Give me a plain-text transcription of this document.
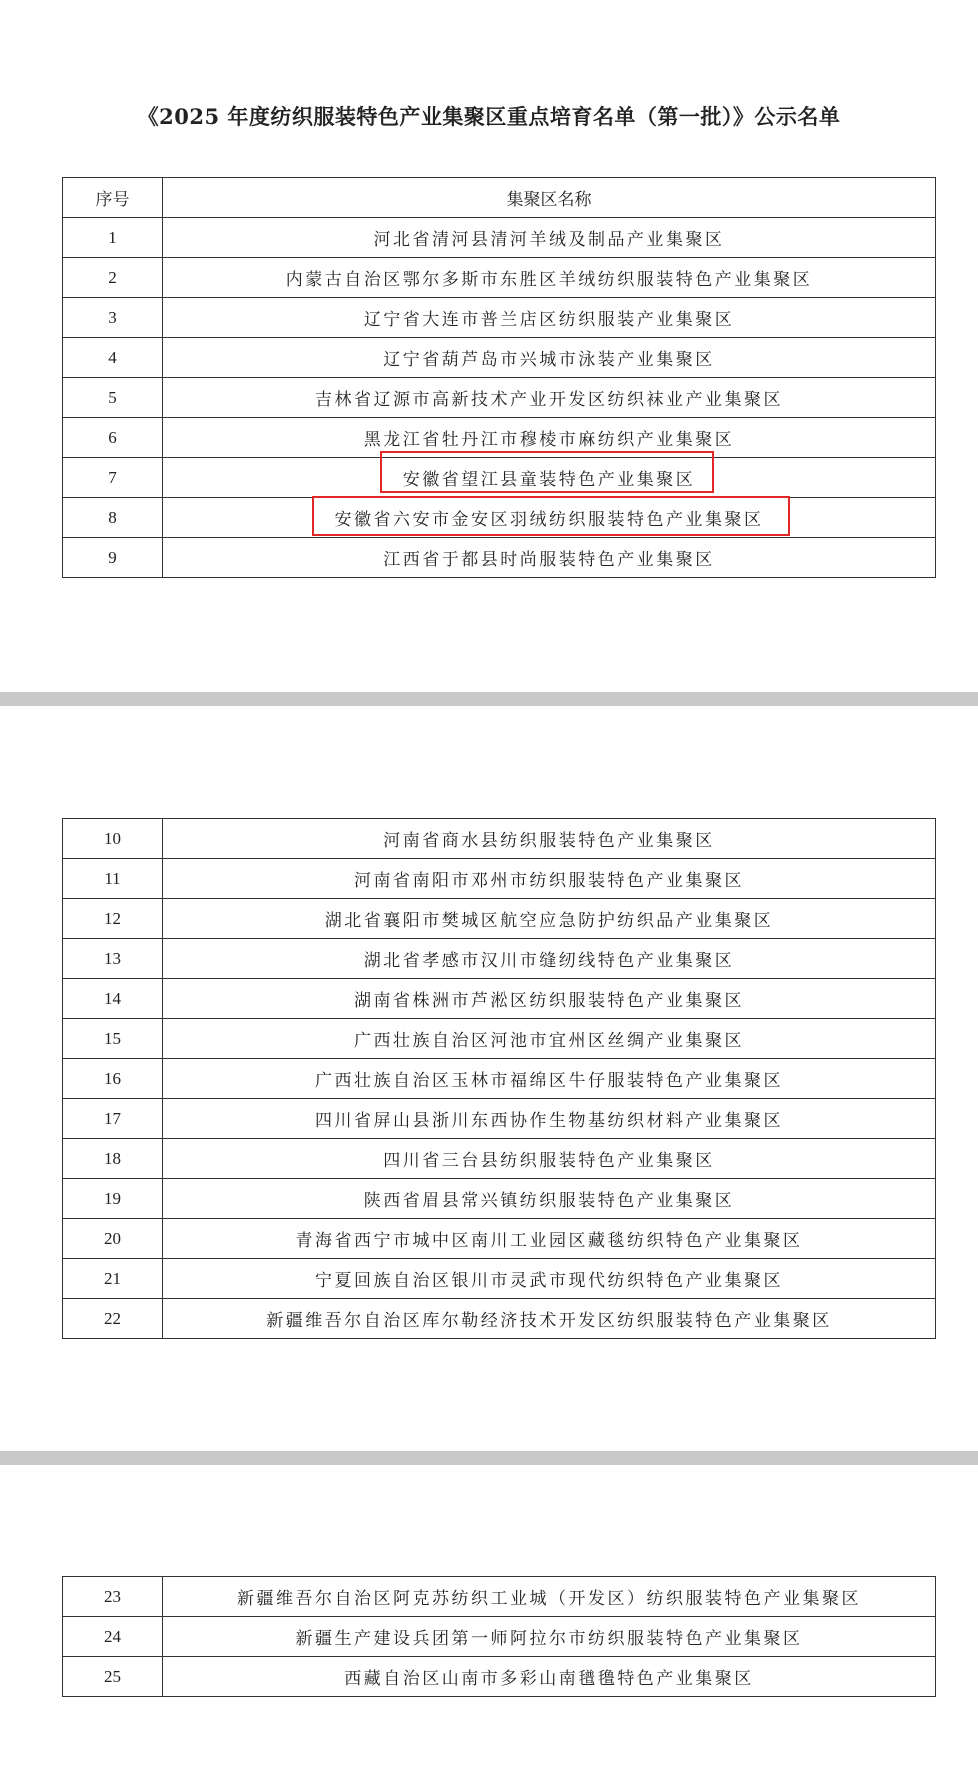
《2025 年度纺织服装特色产业集聚区重点培育名单（第一批）》公示名单
序号	集聚区名称
1	河北省清河县清河羊绒及制品产业集聚区
2	内蒙古自治区鄂尔多斯市东胜区羊绒纺织服装特色产业集聚区
3	辽宁省大连市普兰店区纺织服装产业集聚区
4	辽宁省葫芦岛市兴城市泳装产业集聚区
5	吉林省辽源市高新技术产业开发区纺织袜业产业集聚区
6	黑龙江省牡丹江市穆棱市麻纺织产业集聚区
7	安徽省望江县童装特色产业集聚区
8	安徽省六安市金安区羽绒纺织服装特色产业集聚区
9	江西省于都县时尚服装特色产业集聚区
10	河南省商水县纺织服装特色产业集聚区
11	河南省南阳市邓州市纺织服装特色产业集聚区
12	湖北省襄阳市樊城区航空应急防护纺织品产业集聚区
13	湖北省孝感市汉川市缝纫线特色产业集聚区
14	湖南省株洲市芦淞区纺织服装特色产业集聚区
15	广西壮族自治区河池市宜州区丝绸产业集聚区
16	广西壮族自治区玉林市福绵区牛仔服装特色产业集聚区
17	四川省屏山县浙川东西协作生物基纺织材料产业集聚区
18	四川省三台县纺织服装特色产业集聚区
19	陕西省眉县常兴镇纺织服装特色产业集聚区
20	青海省西宁市城中区南川工业园区藏毯纺织特色产业集聚区
21	宁夏回族自治区银川市灵武市现代纺织特色产业集聚区
22	新疆维吾尔自治区库尔勒经济技术开发区纺织服装特色产业集聚区
23	新疆维吾尔自治区阿克苏纺织工业城（开发区）纺织服装特色产业集聚区
24	新疆生产建设兵团第一师阿拉尔市纺织服装特色产业集聚区
25	西藏自治区山南市多彩山南氆氇特色产业集聚区
